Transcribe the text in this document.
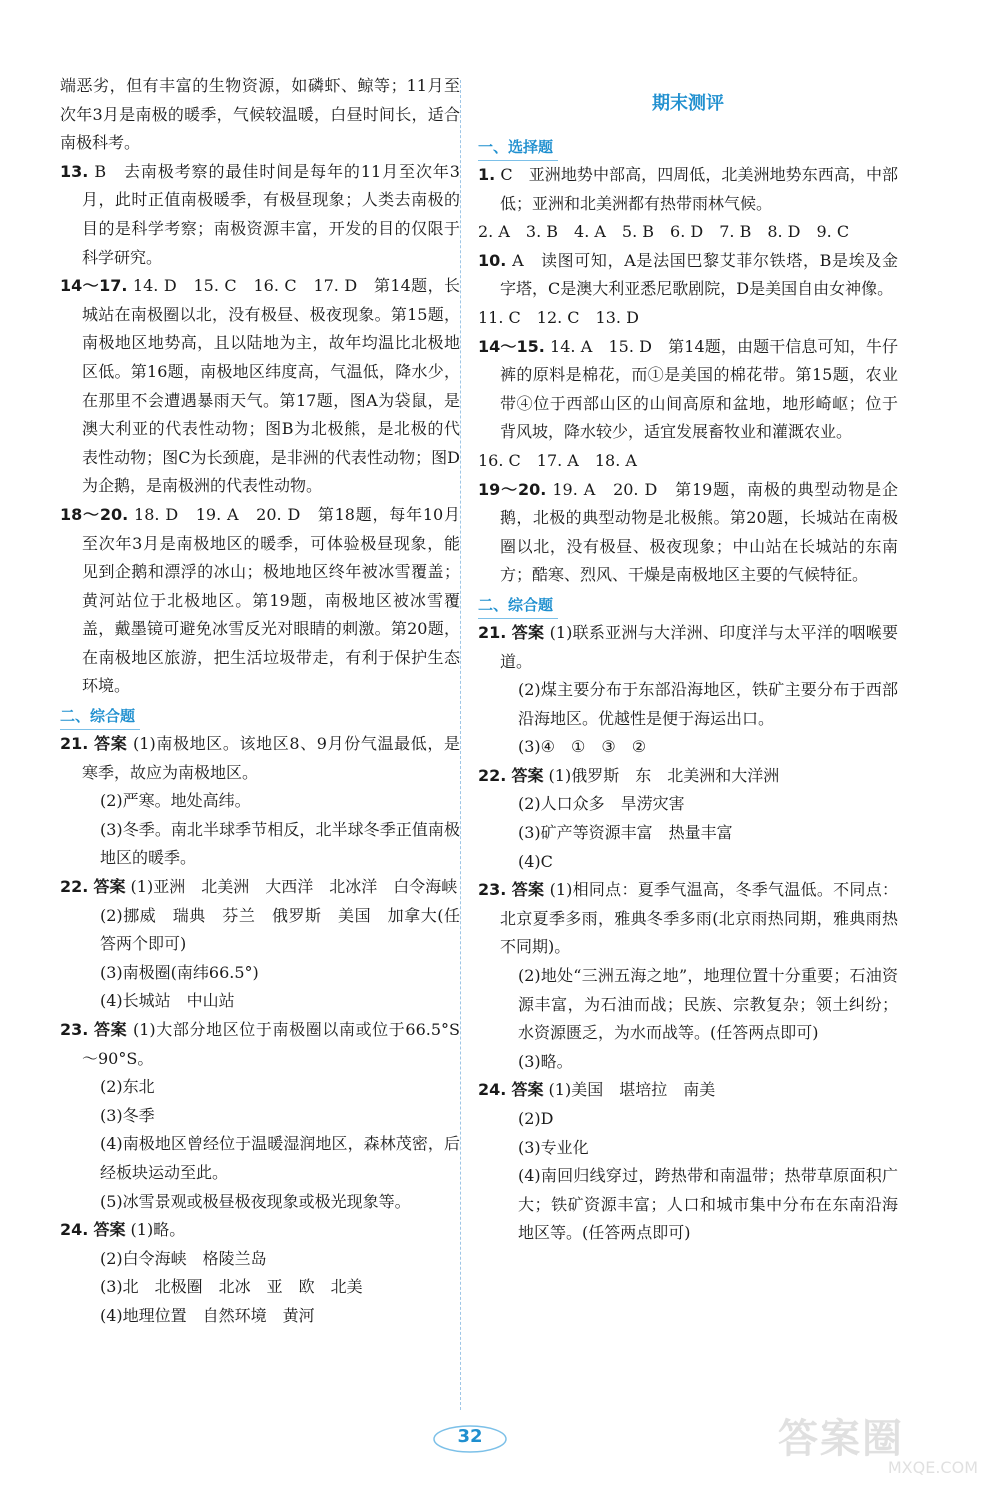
端恶劣，但有丰富的生物资源，如磷虾、鲸等；11月至次年3月是南极的暖季，气候较温暖，白昼时间长，适合南极科考。
13. B　去南极考察的最佳时间是每年的11月至次年3月，此时正值南极暖季，有极昼现象；人类去南极的目的是科学考察；南极资源丰富，开发的目的仅限于科学研究。
14～17. 14. D　15. C　16. C　17. D　第14题，长城站在南极圈以北，没有极昼、极夜现象。第15题，南极地区地势高，且以陆地为主，故年均温比北极地区低。第16题，南极地区纬度高，气温低，降水少，在那里不会遭遇暴雨天气。第17题，图A为袋鼠，是澳大利亚的代表性动物；图B为北极熊，是北极的代表性动物；图C为长颈鹿，是非洲的代表性动物；图D为企鹅，是南极洲的代表性动物。
18～20. 18. D　19. A　20. D　第18题，每年10月至次年3月是南极地区的暖季，可体验极昼现象，能见到企鹅和漂浮的冰山；极地地区终年被冰雪覆盖；黄河站位于北极地区。第19题，南极地区被冰雪覆盖，戴墨镜可避免冰雪反光对眼睛的刺激。第20题，在南极地区旅游，把生活垃圾带走，有利于保护生态环境。
二、综合题
21. 答案 (1)南极地区。该地区8、9月份气温最低，是寒季，故应为南极地区。
(2)严寒。地处高纬。
(3)冬季。南北半球季节相反，北半球冬季正值南极地区的暖季。
22. 答案 (1)亚洲　北美洲　大西洋　北冰洋　白令海峡
(2)挪威　瑞典　芬兰　俄罗斯　美国　加拿大(任答两个即可)
(3)南极圈(南纬66.5°)
(4)长城站　中山站
23. 答案 (1)大部分地区位于南极圈以南或位于66.5°S～90°S。
(2)东北
(3)冬季
(4)南极地区曾经位于温暖湿润地区，森林茂密，后经板块运动至此。
(5)冰雪景观或极昼极夜现象或极光现象等。
24. 答案 (1)略。
(2)白令海峡　格陵兰岛
(3)北　北极圈　北冰　亚　欧　北美
(4)地理位置　自然环境　黄河
期末测评
一、选择题
1. C　亚洲地势中部高，四周低，北美洲地势东西高，中部低；亚洲和北美洲都有热带雨林气候。
2. A　3. B　4. A　5. B　6. D　7. B　8. D　9. C
10. A　读图可知，A是法国巴黎艾菲尔铁塔，B是埃及金字塔，C是澳大利亚悉尼歌剧院，D是美国自由女神像。
11. C　12. C　13. D
14～15. 14. A　15. D　第14题，由题干信息可知，牛仔裤的原料是棉花，而①是美国的棉花带。第15题，农业带④位于西部山区的山间高原和盆地，地形崎岖；位于背风坡，降水较少，适宜发展畜牧业和灌溉农业。
16. C　17. A　18. A
19～20. 19. A　20. D　第19题，南极的典型动物是企鹅，北极的典型动物是北极熊。第20题，长城站在南极圈以北，没有极昼、极夜现象；中山站在长城站的东南方；酷寒、烈风、干燥是南极地区主要的气候特征。
二、综合题
21. 答案 (1)联系亚洲与大洋洲、印度洋与太平洋的咽喉要道。
(2)煤主要分布于东部沿海地区，铁矿主要分布于西部沿海地区。优越性是便于海运出口。
(3)④　①　③　②
22. 答案 (1)俄罗斯　东　北美洲和大洋洲
(2)人口众多　旱涝灾害
(3)矿产等资源丰富　热量丰富
(4)C
23. 答案 (1)相同点：夏季气温高，冬季气温低。不同点：北京夏季多雨，雅典冬季多雨(北京雨热同期，雅典雨热不同期)。
(2)地处“三洲五海之地”，地理位置十分重要；石油资源丰富，为石油而战；民族、宗教复杂；领土纠纷；水资源匮乏，为水而战等。(任答两点即可)
(3)略。
24. 答案 (1)美国　堪培拉　南美
(2)D
(3)专业化
(4)南回归线穿过，跨热带和南温带；热带草原面积广大；铁矿资源丰富；人口和城市集中分布在东南沿海地区等。(任答两点即可)
32	答案圈
MXQE.COM
